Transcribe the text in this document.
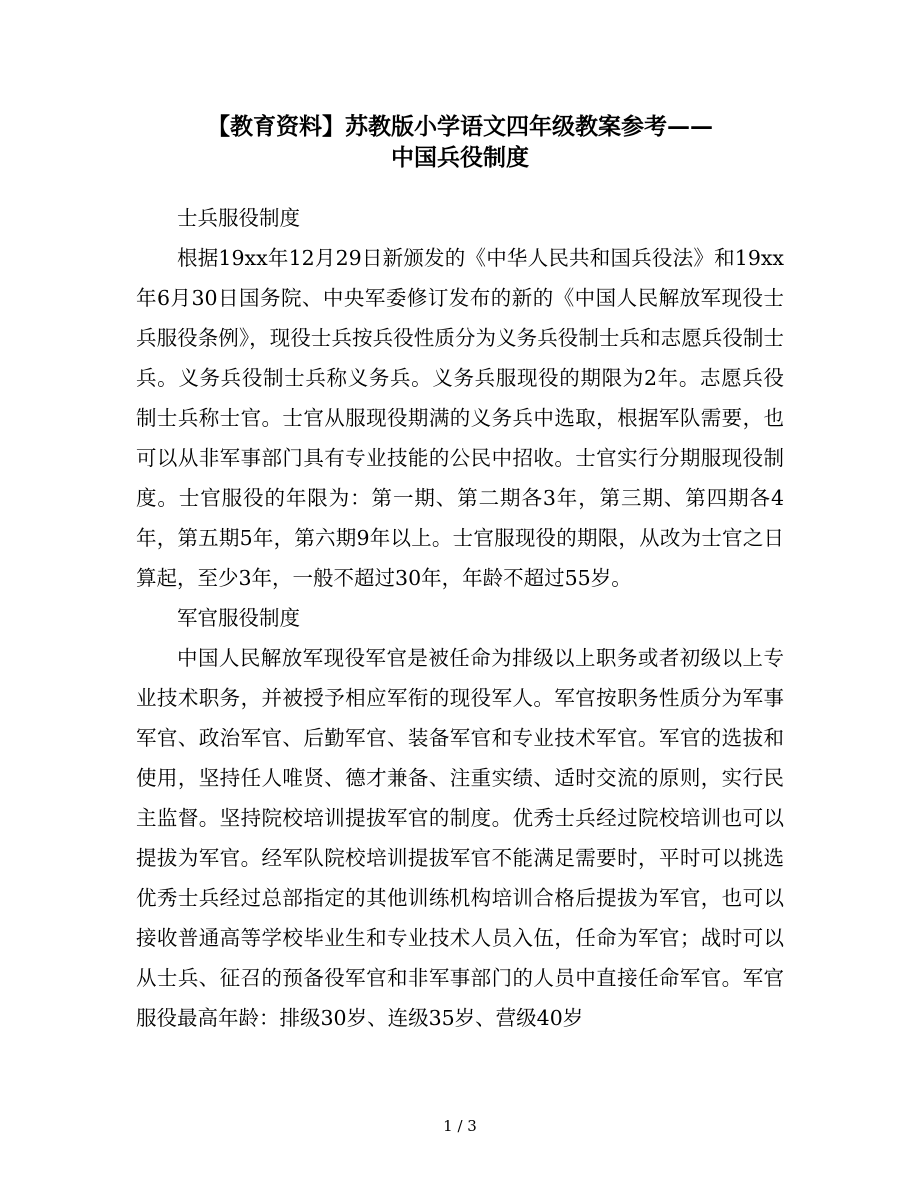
【教育资料】苏教版小学语文四年级教案参考——
中国兵役制度

士兵服役制度

根据19xx年12月29日新颁发的《中华人民共和国兵役法》和19xx年6月30日国务院、中央军委修订发布的新的《中国人民解放军现役士兵服役条例》，现役士兵按兵役性质分为义务兵役制士兵和志愿兵役制士兵。义务兵役制士兵称义务兵。义务兵服现役的期限为2年。志愿兵役制士兵称士官。士官从服现役期满的义务兵中选取，根据军队需要，也可以从非军事部门具有专业技能的公民中招收。士官实行分期服现役制度。士官服役的年限为：第一期、第二期各3年，第三期、第四期各4年，第五期5年，第六期9年以上。士官服现役的期限，从改为士官之日算起，至少3年，一般不超过30年，年龄不超过55岁。

军官服役制度

中国人民解放军现役军官是被任命为排级以上职务或者初级以上专业技术职务，并被授予相应军衔的现役军人。军官按职务性质分为军事军官、政治军官、后勤军官、装备军官和专业技术军官。军官的选拔和使用，坚持任人唯贤、德才兼备、注重实绩、适时交流的原则，实行民主监督。坚持院校培训提拔军官的制度。优秀士兵经过院校培训也可以提拔为军官。经军队院校培训提拔军官不能满足需要时，平时可以挑选优秀士兵经过总部指定的其他训练机构培训合格后提拔为军官，也可以接收普通高等学校毕业生和专业技术人员入伍，任命为军官；战时可以从士兵、征召的预备役军官和非军事部门的人员中直接任命军官。军官服役最高年龄：排级30岁、连级35岁、营级40岁

1 / 3
